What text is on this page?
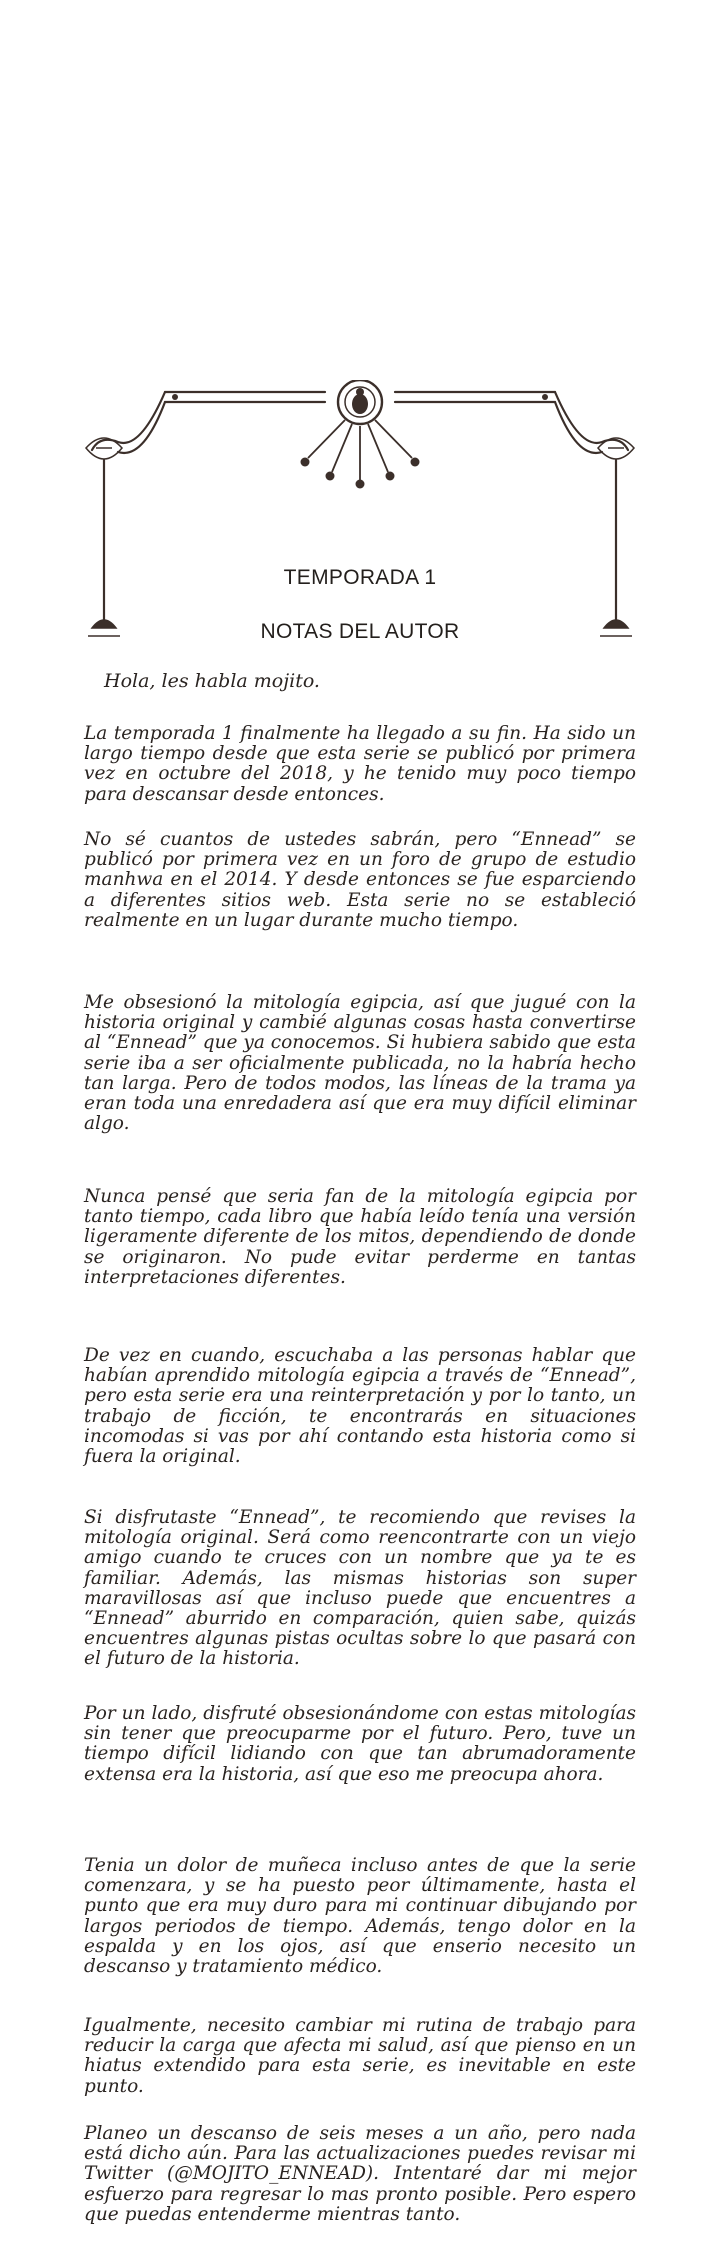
TEMPORADA 1
NOTAS DEL AUTOR
Hola, les habla mojito.

La temporada 1 finalmente ha llegado a su fin. Ha sido un largo tiempo desde que esta serie se publicó por primera vez en octubre del 2018, y he tenido muy poco tiempo para descansar desde entonces.

No sé cuantos de ustedes sabrán, pero “Ennead” se publicó por primera vez en un foro de grupo de estudio manhwa en el 2014. Y desde entonces se fue esparciendo a diferentes sitios web. Esta serie no se estableció realmente en un lugar durante mucho tiempo.

Me obsesionó la mitología egipcia, así que jugué con la historia original y cambié algunas cosas hasta convertirse al “Ennead” que ya conocemos. Si hubiera sabido que esta serie iba a ser oficialmente publicada, no la habría hecho tan larga. Pero de todos modos, las líneas de la trama ya eran toda una enredadera así que era muy difícil eliminar algo.

Nunca pensé que seria fan de la mitología egipcia por tanto tiempo, cada libro que había leído tenía una versión ligeramente diferente de los mitos, dependiendo de donde se originaron. No pude evitar perderme en tantas interpretaciones diferentes.

De vez en cuando, escuchaba a las personas hablar que habían aprendido mitología egipcia a través de “Ennead”, pero esta serie era una reinterpretación y por lo tanto, un trabajo de ficción, te encontrarás en situaciones incomodas si vas por ahí contando esta historia como si fuera la original.

Si disfrutaste “Ennead”, te recomiendo que revises la mitología original. Será como reencontrarte con un viejo amigo cuando te cruces con un nombre que ya te es familiar. Además, las mismas historias son super maravillosas así que incluso puede que encuentres a “Ennead” aburrido en comparación, quien sabe, quizás encuentres algunas pistas ocultas sobre lo que pasará con el futuro de la historia.

Por un lado, disfruté obsesionándome con estas mitologías sin tener que preocuparme por el futuro. Pero, tuve un tiempo difícil lidiando con que tan abrumadoramente extensa era la historia, así que eso me preocupa ahora.

Tenia un dolor de muñeca incluso antes de que la serie comenzara, y se ha puesto peor últimamente, hasta el punto que era muy duro para mi continuar dibujando por largos periodos de tiempo. Además, tengo dolor en la espalda y en los ojos, así que enserio necesito un descanso y tratamiento médico.

Igualmente, necesito cambiar mi rutina de trabajo para reducir la carga que afecta mi salud, así que pienso en un hiatus extendido para esta serie, es inevitable en este punto.

Planeo un descanso de seis meses a un año, pero nada está dicho aún. Para las actualizaciones puedes revisar mi Twitter (@MOJITO_ENNEAD). Intentaré dar mi mejor esfuerzo para regresar lo mas pronto posible. Pero espero que puedas entenderme mientras tanto.
